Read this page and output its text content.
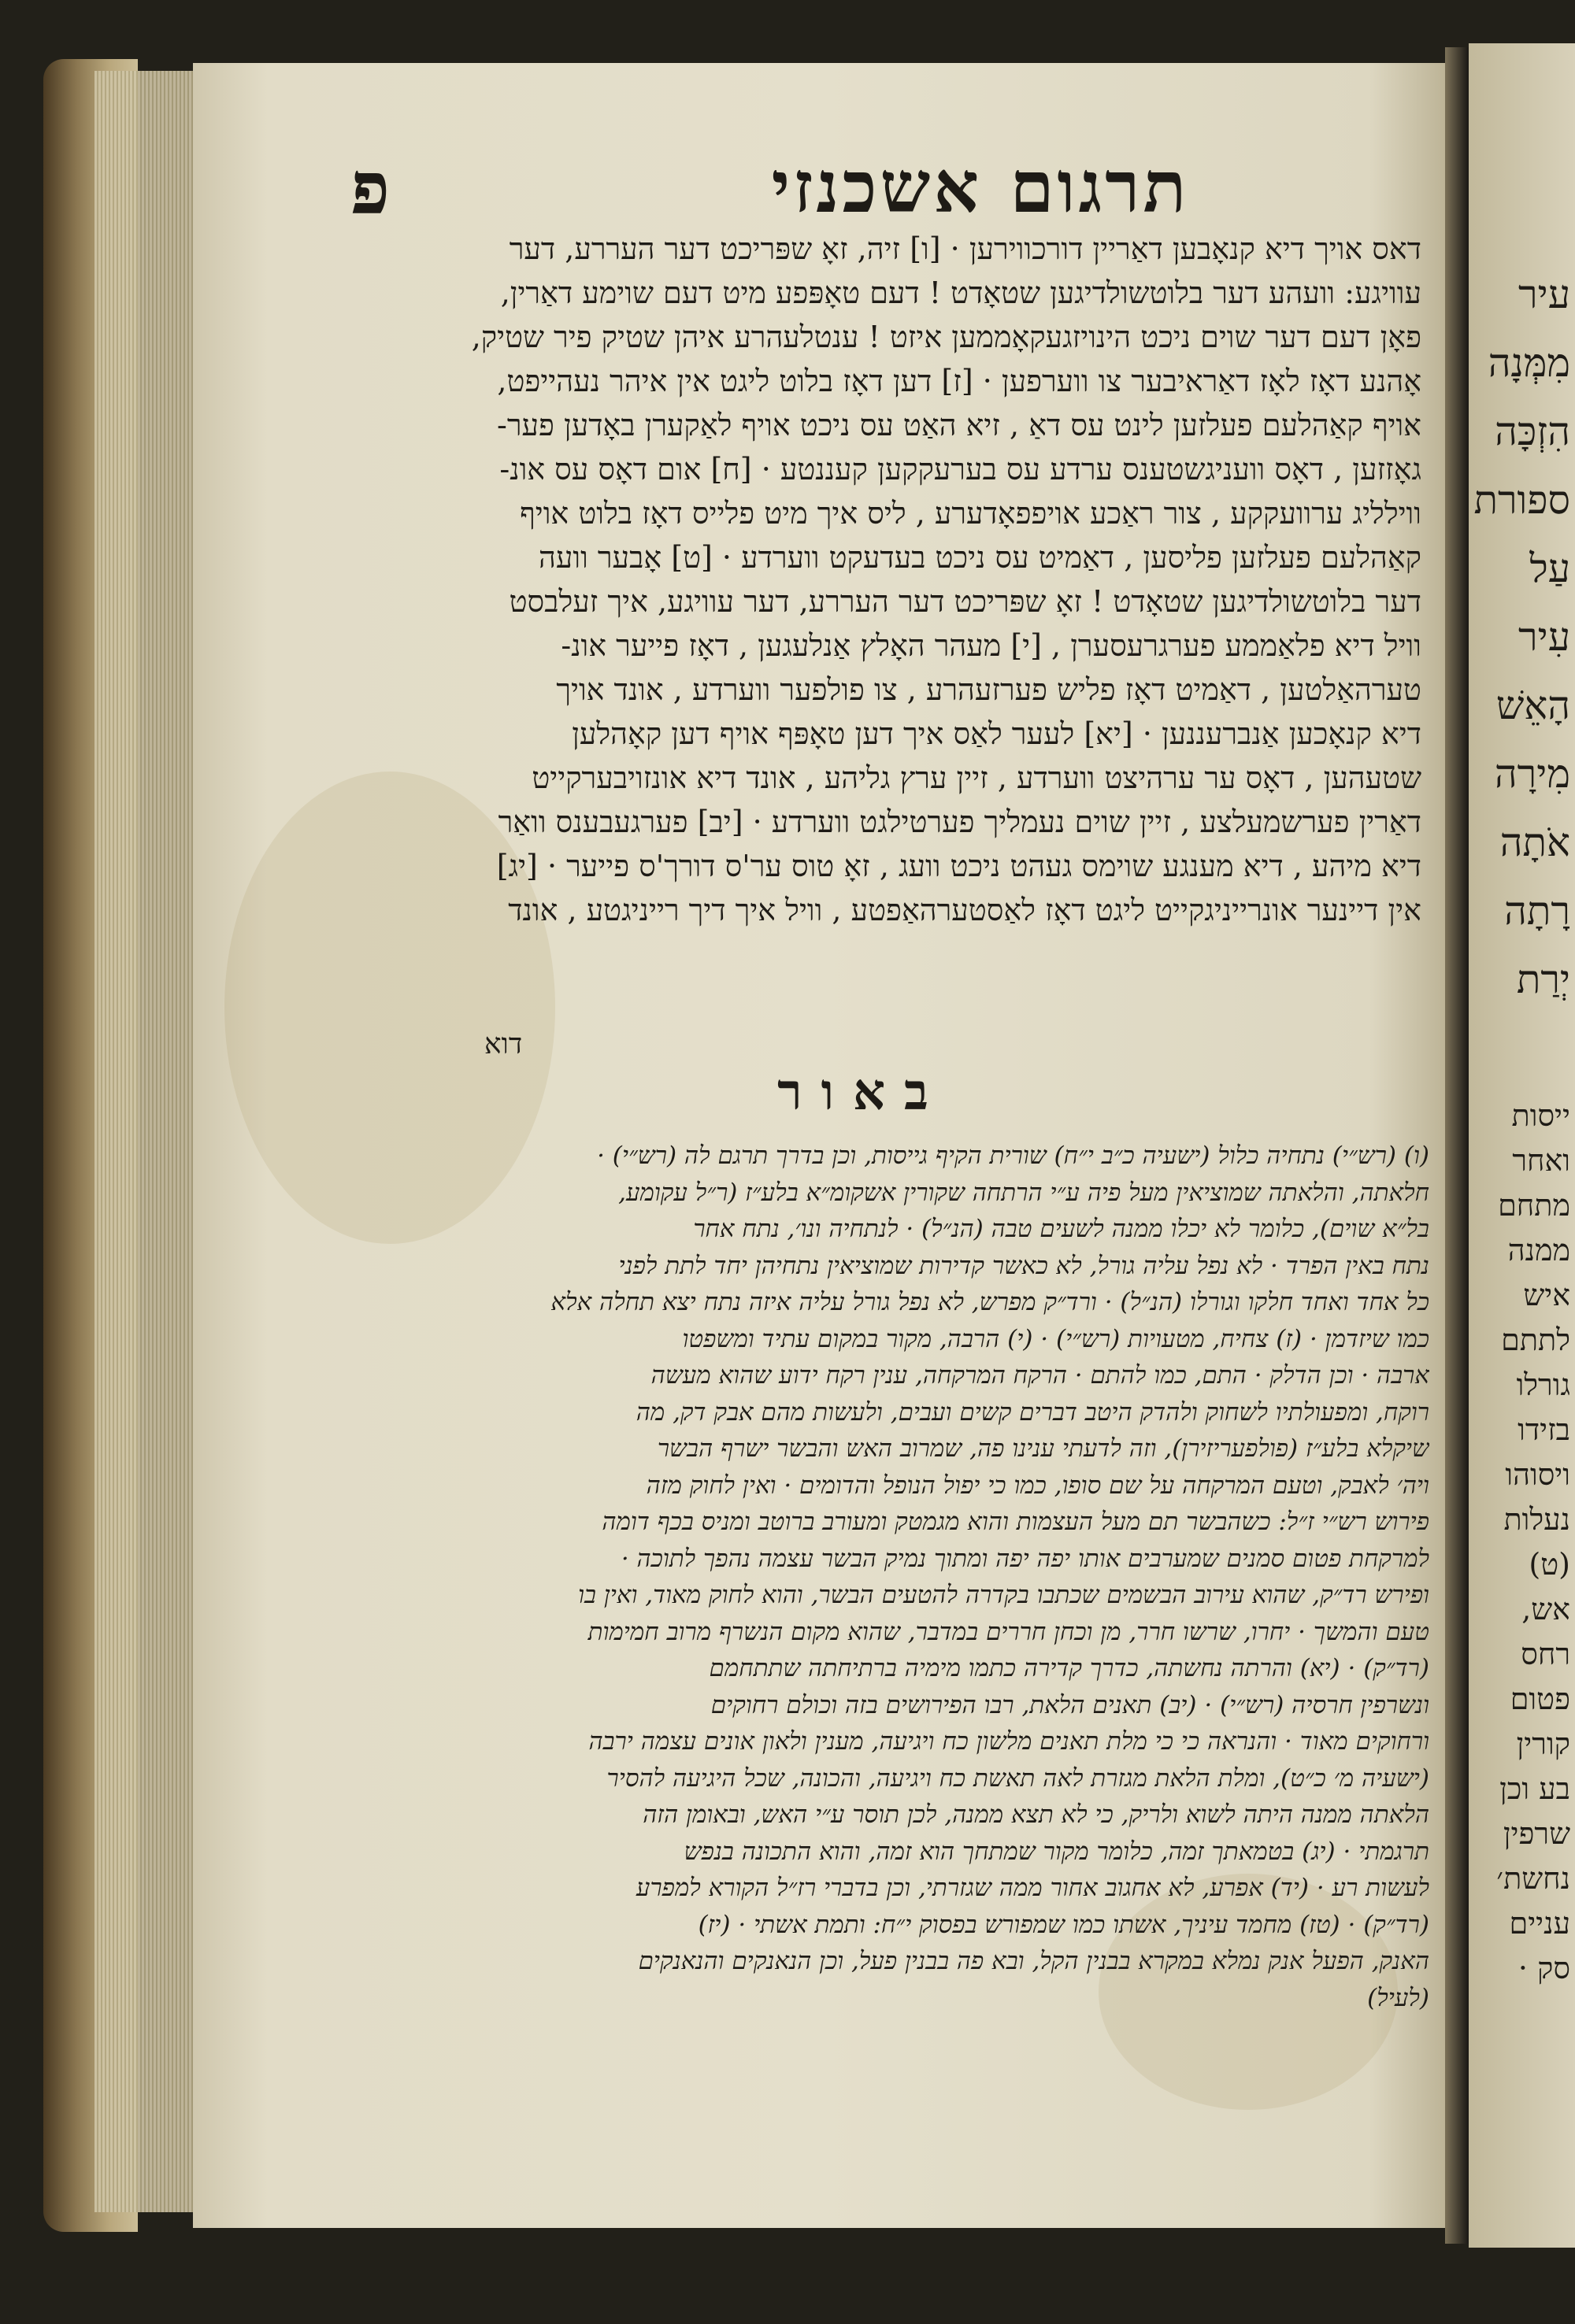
פ	תרגום אשכנזי
דאס אויך דיא קנאָבען דאַריין דורכווירען · [ו] זיה, זאָ שפּריכט דער העררע, דער
עוויגע: וועהע דער בלוטשולדיגען שטאָדט ! דעם טאָפּפע מיט דעם שוימע דאַרין,
פאָן דעם דער שוים ניכט הינויזגעקאָממען איזט ! ענטלעהרע איהן שטיק פיר שטיק,
אָהנע דאָז לאָז דאַראיבער צו ווערפען · [ז] דען דאָז בלוט ליגט אין איהר נעהייפט,
אויף קאַהלעם פעלזען לינט עס דאַ , זיא האַט עס ניכט אויף לאַקערן באָדען פער-
גאָזזען , דאָס וועניגשטענס ערדע עס בערעקקען קעננטע · [ח] אום דאָס עס אונ-
ווילליג ערוועקקע , צור ראַכע אויפפאָדערע , ליס איך מיט פלייס דאָז בלוט אויף
קאַהלעם פעלזען פליסען , דאַמיט עס ניכט בעדעקט ווערדע · [ט] אָבער וועה
דער בלוטשולדיגען שטאָדט ! זאָ שפּריכט דער העררע, דער עוויגע, איך זעלבסט
וויל דיא פלאַממע פערגרעסערן , [י] מעהר האָלץ אַנלעגען , דאָז פייער אונ-
טערהאַלטען , דאַמיט דאָז פליש פערזעהרע , צו פולפער ווערדע , אונד אויך
דיא קנאָכען אַנברעננען · [יא] לעער לאַס איך דען טאָפּף אויף דען קאָהלען
שטעהען , דאָס ער ערהיצט ווערדע , זיין ערץ גליהע , אונד דיא אונזויבערקייט
דאַרין פערשמעלצע , זיין שוים נעמליך פערטילגט ווערדע · [יב] פערגעבענס וואַר
דיא מיהע , דיא מענגע שוימס געהט ניכט וועג , זאָ טוס ער'ס דורך'ס פייער · [יג]
אין דיינער אונרייניגקייט ליגט דאָז לאַסטערהאַפטע , וויל איך דיך רייניגטע , אונד
דוא
באור
(ו) (רש״י) נתחיה כלול (ישעיה כ״ב י״ח) שורית הקיף גייסות, וכן בדרך תרגם לה (רש״י) ·
חלאתה, והלאתה שמוציאין מעל פיה ע״י הרתחה שקורין אשקומ״א בלע״ז (ר״ל עקומע,
בל״א שוים), כלומר לא יכלו ממנה לשעים טבה (הנ״ל) · לנתחיה ונו׳, נתח אחר
נתח באין הפרד · לא נפל עליה גורל, לא כאשר קדירות שמוציאין נתחיהן יחד לתת לפני
כל אחד ואחד חלקו וגורלו (הנ״ל) · ורד״ק מפרש, לא נפל גורל עליה איזה נתח יצא תחלה אלא
כמו שיזדמן · (ז) צחיח, מטעויות (רש״י) · (י) הרבה, מקור במקום עתיד ומשפטו
ארבה · וכן הדלק · התם, כמו להתם · הרקח המרקחה, ענין רקח ידוע שהוא מעשה
רוקח, ומפעולתיו לשחוק ולהדק היטב דברים קשים ועבים, ולעשות מהם אבק דק, מה
שיקלא בלע״ז (פולפעריזירן), וזה לדעתי ענינו פה, שמרוב האש והבשר ישרף הבשר
ויה׳ לאבק, וטעם המרקחה על שם סופו, כמו כי יפול הנופל והדומים · ואין לחוק מזה
פירוש רש״י ז״ל: כשהבשר תם מעל העצמות והוא מגמטק ומעורב ברוטב ומניס בכף דומה
למרקחת פטום סמנים שמערבים אותו יפה יפה ומתוך נמיק הבשר עצמה נהפך לתוכה ·
ופירש רד״ק, שהוא עירוב הבשמים שכתבו בקדרה להטעים הבשר, והוא לחוק מאוד, ואין בו
טעם והמשך · יחרו, שרשו חרר, מן וכחן חררים במדבר, שהוא מקום הנשרף מרוב חמימות
(רד״ק) · (יא) והרתה נחשתה, כדרך קדירה כתמו מימיה ברתיחתה שתתחמם
ונשרפין חרסיה (רש״י) · (יב) תאנים הלאת, רבו הפירושים בזה וכולם רחוקים
ורחוקים מאוד · והנראה כי כי מלת תאנים מלשון כח ויגיעה, מענין ולאון אונים עצמה ירבה
(ישעיה מ׳ כ״ט), ומלת הלאת מגזרת לאה תאשת כח ויגיעה, והכונה, שכל היגיעה להסיר
הלאתה ממנה היתה לשוא ולריק, כי לא תצא ממנה, לכן תוסר ע״י האש, ובאומן הזה
תרגמתי · (יג) בטמאתך זמה, כלומר מקור שמתחך הוא זמה, והוא התכונה בנפש
לעשות רע · (יד) אפרע, לא אחגוב אחור ממה שגזרתי, וכן בדברי רז״ל הקורא למפרע
(רד״ק) · (טז) מחמד עיניך, אשתו כמו שמפורש בפסוק י״ח: ותמת אשתי · (יז)
האנק, הפעל אנק נמלא במקרא בבנין הקל, ובא פה בבנין פעל, וכן הנאנקים והנאנקים
(לעיל)
עיר
מִמְּנָה
הִזְכָּה
ספורת
עַל
עִיר
הָאֵשׁ
מִירָה
אֹתָה
רָתָה
יְרַת
ייסות
ואחר
מתחם
ממנה
איש
לתתם
גורלו
בזידו
ויסוהו
נעלות
(ט)
אש,
רחס
פטום
קורין
בע וכן
שרפין
נחשת׳
עניים
סק ·
